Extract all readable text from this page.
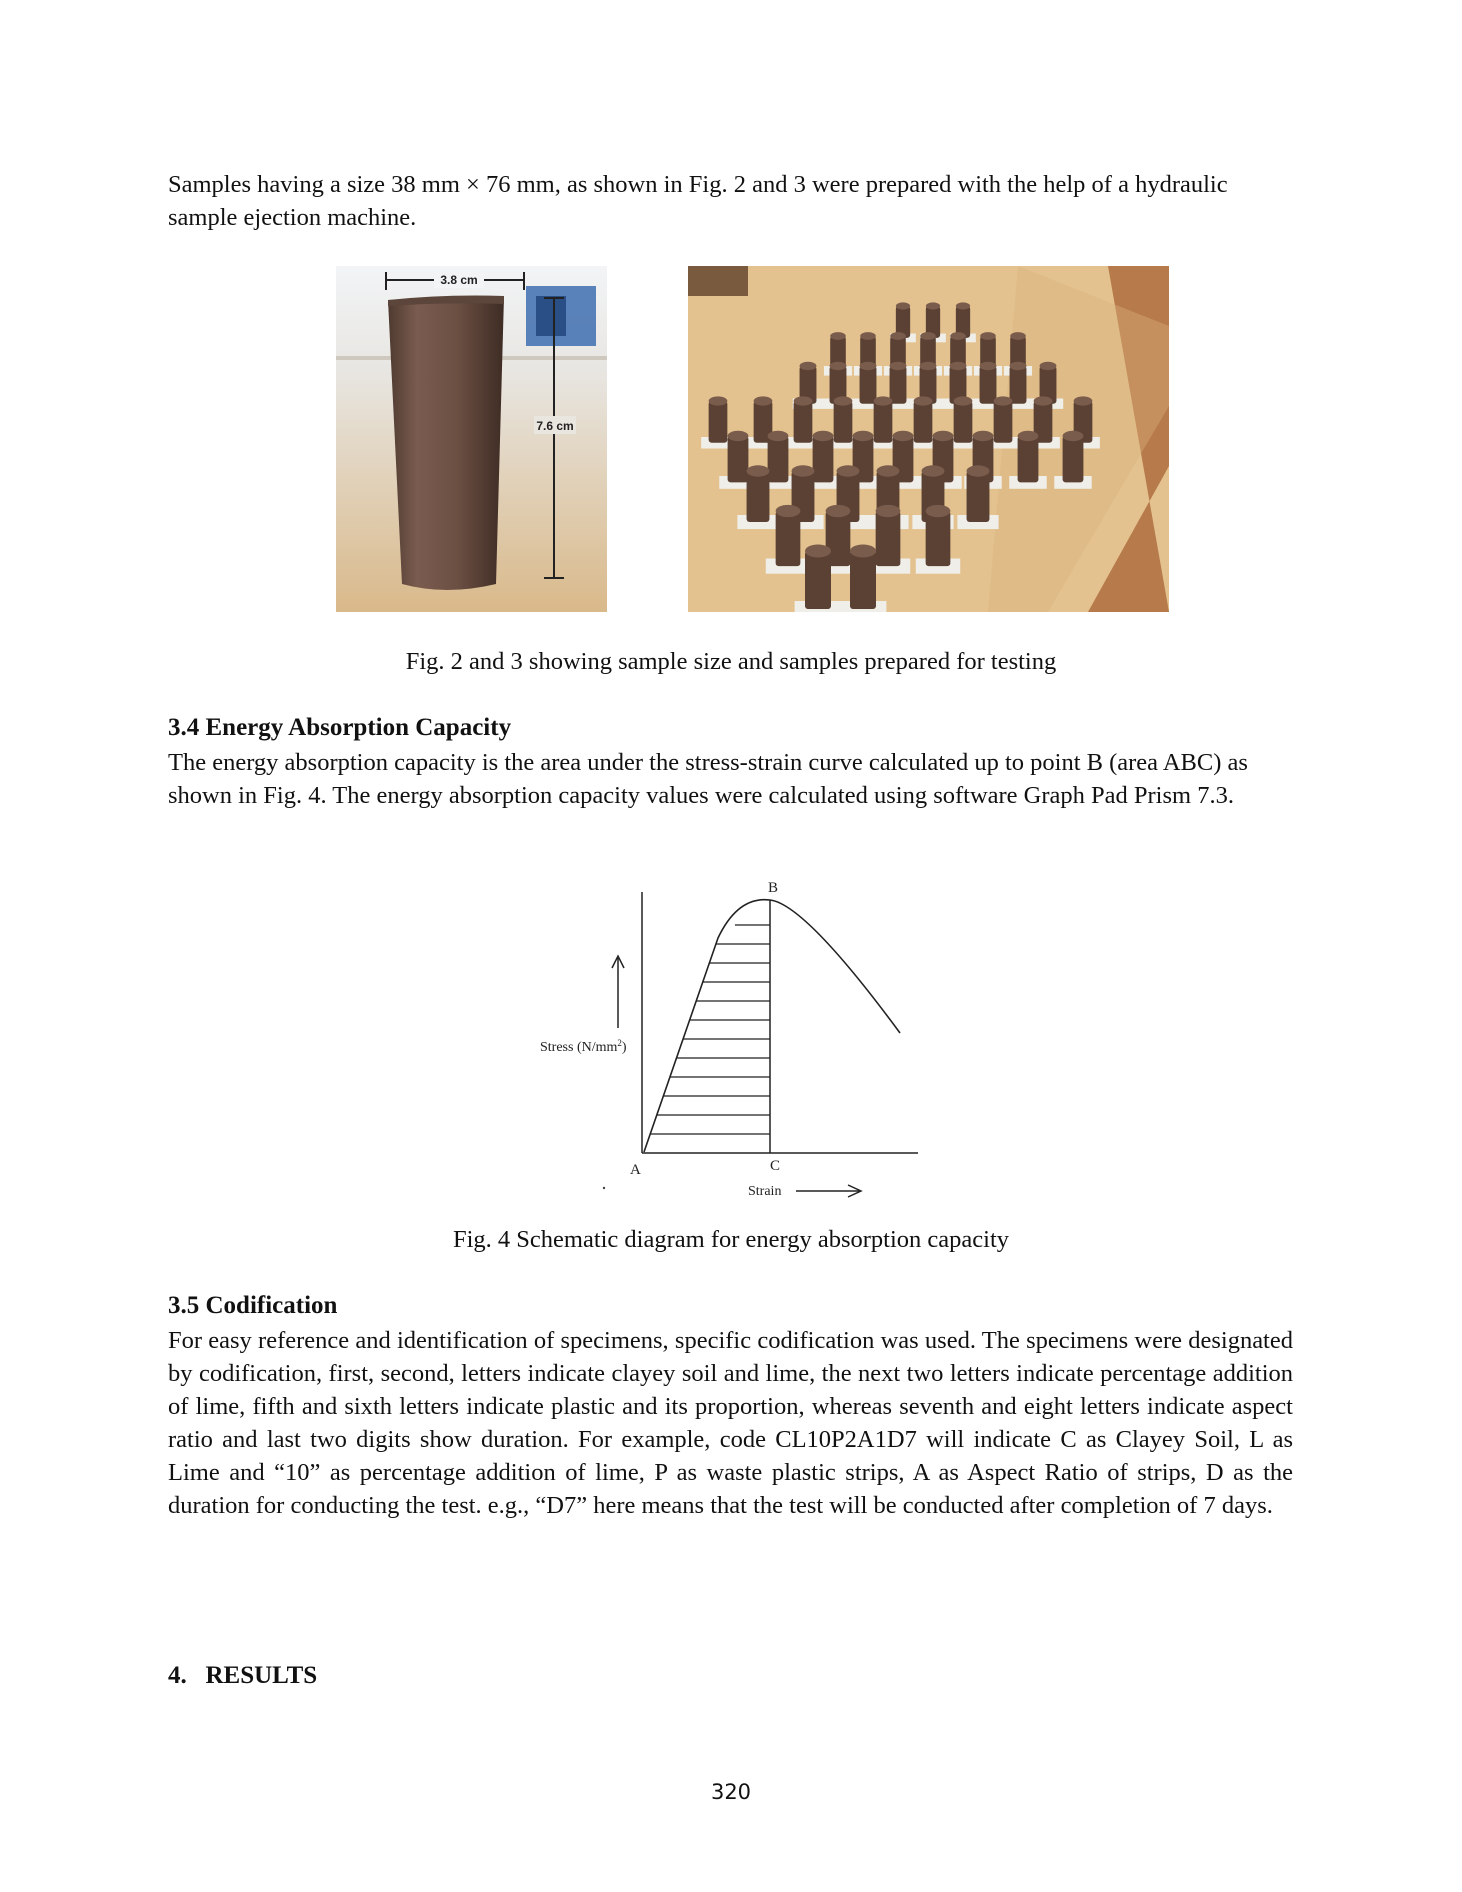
Samples having a size 38 mm × 76 mm, as shown in Fig. 2 and 3 were prepared with the help of a hydraulic sample ejection machine.

3.8 cm
7.6 cm

Fig. 2 and 3 showing sample size and samples prepared for testing

3.4 Energy Absorption Capacity

The energy absorption capacity is the area under the stress-strain curve calculated up to point B (area ABC) as shown in Fig. 4. The energy absorption capacity values were calculated using software Graph Pad Prism 7.3.

Stress $(N/mm^2)$
Strain
A
B
C

Fig. 4 Schematic diagram for energy absorption capacity

3.5 Codification

For easy reference and identification of specimens, specific codification was used. The specimens were designated by codification, first, second, letters indicate clayey soil and lime, the next two letters indicate percentage addition of lime, fifth and sixth letters indicate plastic and its proportion, whereas seventh and eight letters indicate aspect ratio and last two digits show duration. For example, code CL10P2A1D7 will indicate C as Clayey Soil, L as Lime and “10” as percentage addition of lime, P as waste plastic strips, A as Aspect Ratio of strips, D as the duration for conducting the test. e.g., “D7” here means that the test will be conducted after completion of 7 days.

4.   RESULTS

320
